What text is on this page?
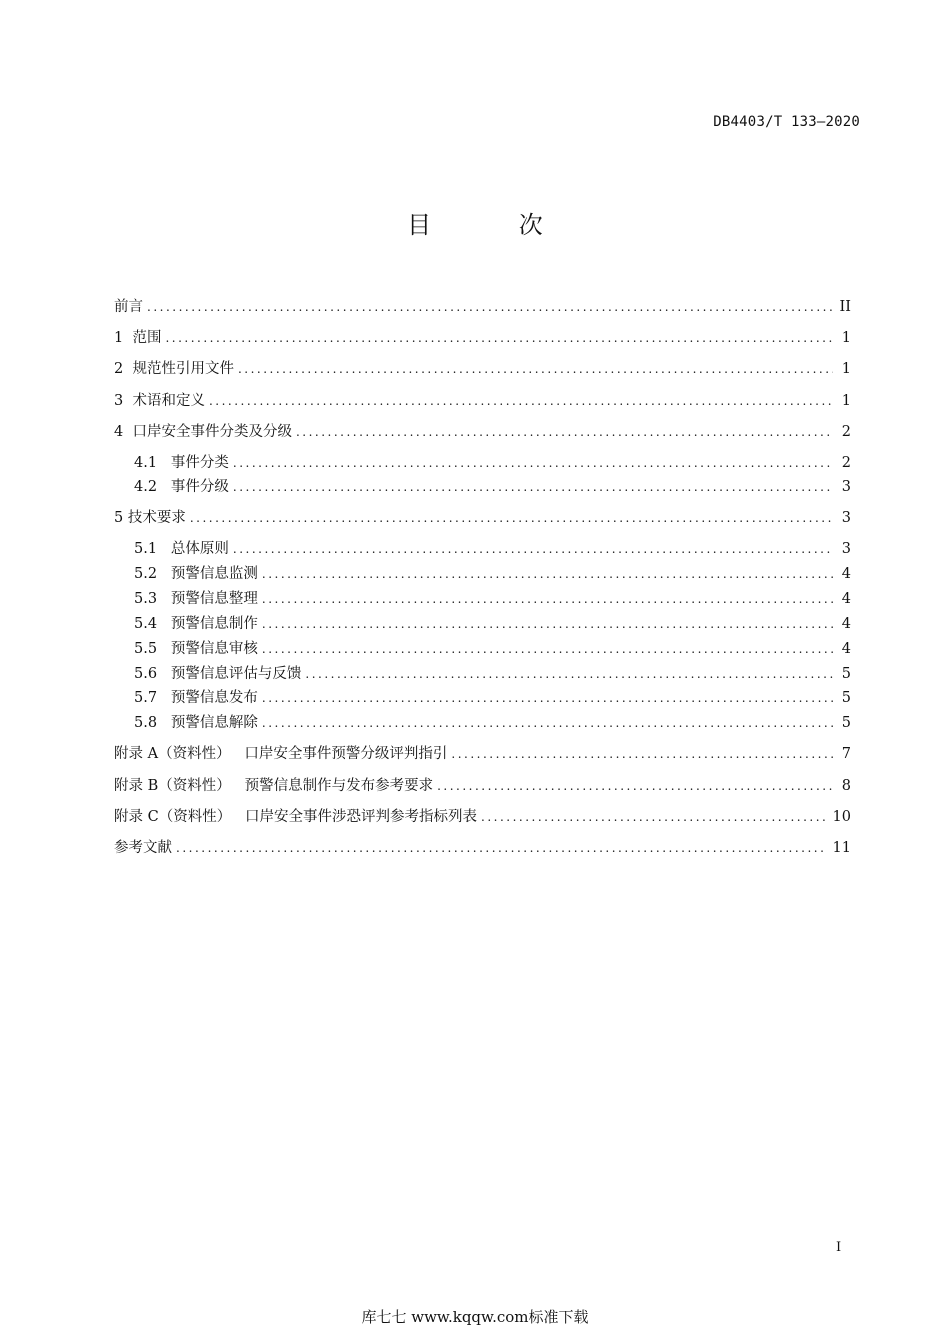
DB4403/T 133—2020
目 次
前言 .....	II
1 范围 .....	1
2 规范性引用文件 .....	1
3 术语和定义 .....	1
4 口岸安全事件分类及分级 .....	2
4.1 事件分类 .....	2
4.2 事件分级 .....	3
5 技术要求 .....	3
5.1 总体原则 .....	3
5.2 预警信息监测 .....	4
5.3 预警信息整理 .....	4
5.4 预警信息制作 .....	4
5.5 预警信息审核 .....	4
5.6 预警信息评估与反馈 .....	5
5.7 预警信息发布 .....	5
5.8 预警信息解除 .....	5
附录 A（资料性） 口岸安全事件预警分级评判指引 .....	7
附录 B（资料性） 预警信息制作与发布参考要求 .....	8
附录 C（资料性） 口岸安全事件涉恐评判参考指标列表 .....	10
参考文献 .....	11
I
库七七 www.kqqw.com标准下载
